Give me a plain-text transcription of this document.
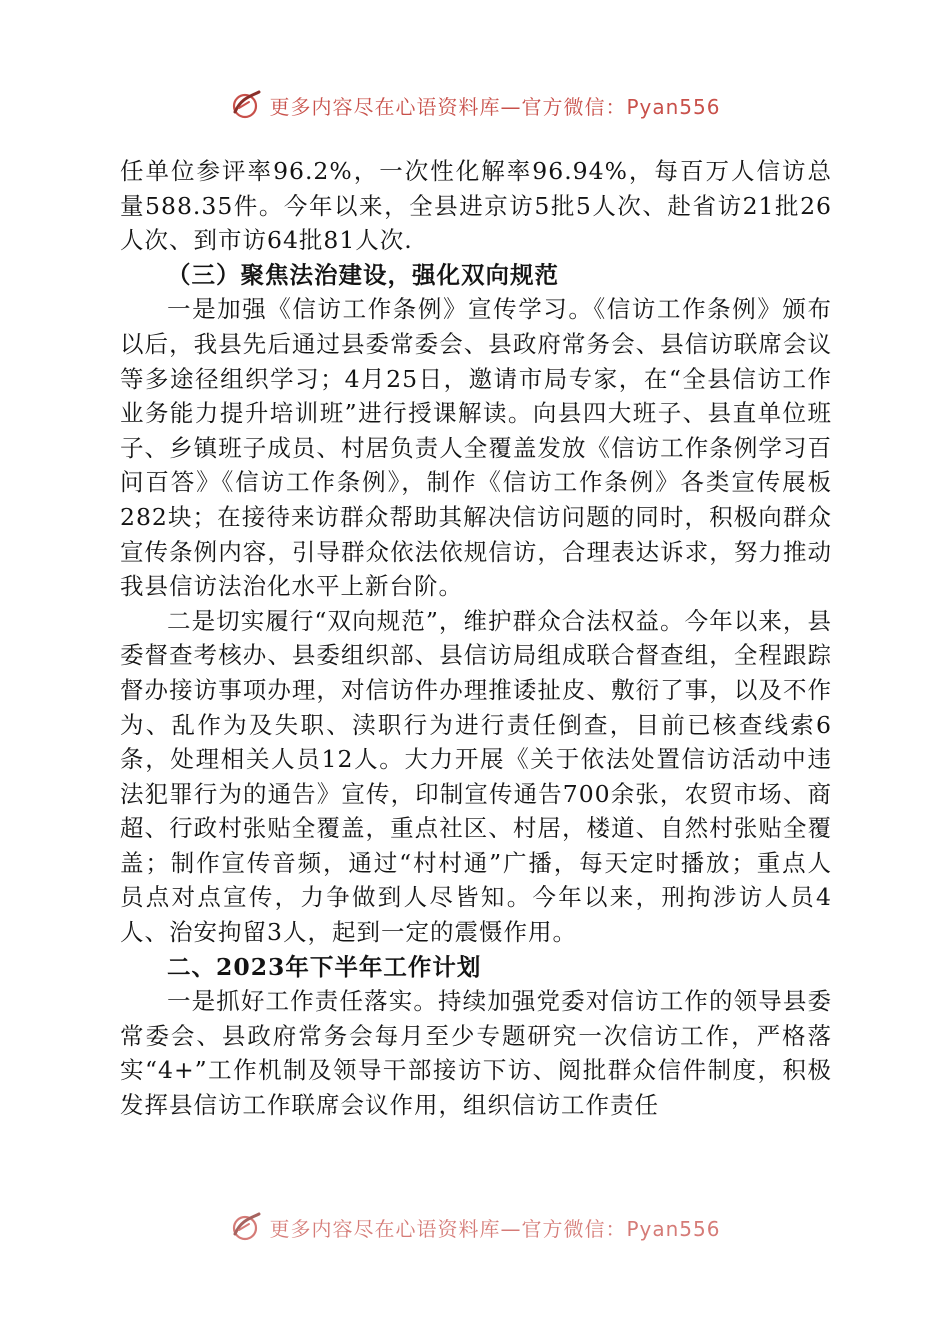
更多内容尽在心语资料库—官方微信：Pyan556

任单位参评率96.2%，一次性化解率96.94%，每百万人信访总量588.35件。今年以来，全县进京访5批5人次、赴省访21批26人次、到市访64批81人次.

（三）聚焦法治建设，强化双向规范

一是加强《信访工作条例》宣传学习。《信访工作条例》颁布以后，我县先后通过县委常委会、县政府常务会、县信访联席会议等多途径组织学习；4月25日，邀请市局专家，在“全县信访工作业务能力提升培训班”进行授课解读。向县四大班子、县直单位班子、乡镇班子成员、村居负责人全覆盖发放《信访工作条例学习百问百答》《信访工作条例》，制作《信访工作条例》各类宣传展板282块；在接待来访群众帮助其解决信访问题的同时，积极向群众宣传条例内容，引导群众依法依规信访，合理表达诉求，努力推动我县信访法治化水平上新台阶。

二是切实履行“双向规范”，维护群众合法权益。今年以来，县委督查考核办、县委组织部、县信访局组成联合督查组，全程跟踪督办接访事项办理，对信访件办理推诿扯皮、敷衍了事，以及不作为、乱作为及失职、渎职行为进行责任倒查，目前已核查线索6条，处理相关人员12人。大力开展《关于依法处置信访活动中违法犯罪行为的通告》宣传，印制宣传通告700余张，农贸市场、商超、行政村张贴全覆盖，重点社区、村居，楼道、自然村张贴全覆盖；制作宣传音频，通过“村村通”广播，每天定时播放；重点人员点对点宣传，力争做到人尽皆知。今年以来，刑拘涉访人员4人、治安拘留3人，起到一定的震慑作用。

二、2023年下半年工作计划

一是抓好工作责任落实。持续加强党委对信访工作的领导县委常委会、县政府常务会每月至少专题研究一次信访工作，严格落实“4+”工作机制及领导干部接访下访、阅批群众信件制度，积极发挥县信访工作联席会议作用，组织信访工作责任

更多内容尽在心语资料库—官方微信：Pyan556
